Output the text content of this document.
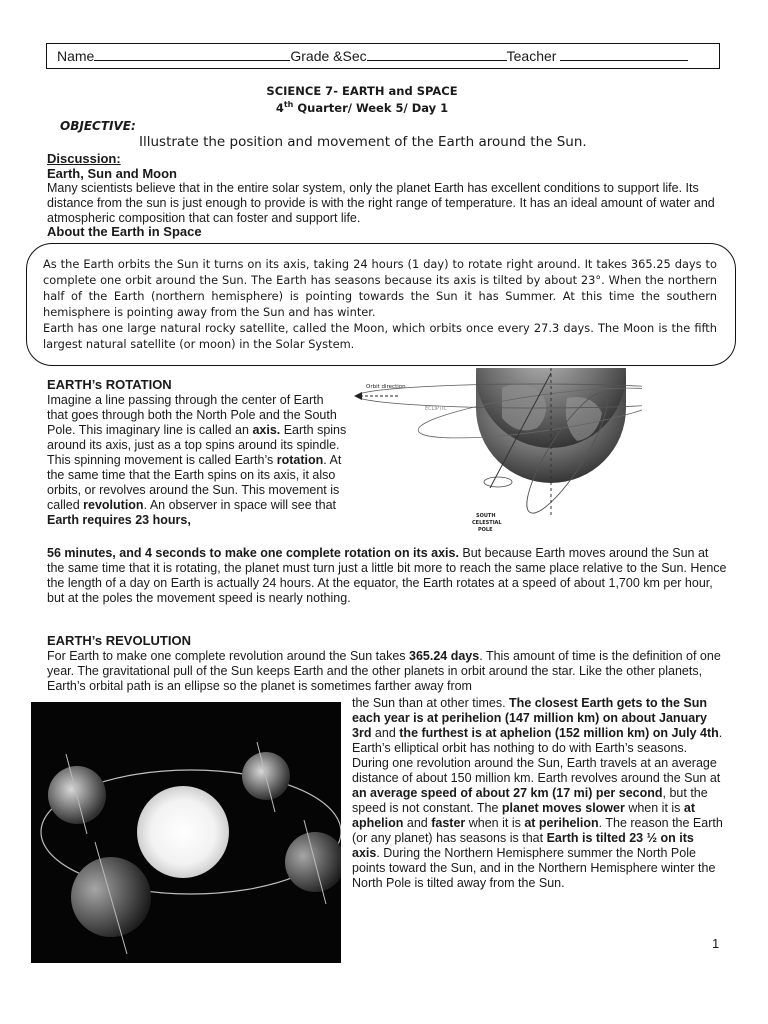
Name	Grade &Sec	Teacher
SCIENCE 7- EARTH and SPACE
4th Quarter/ Week 5/ Day 1
OBJECTIVE:
Illustrate the position and movement of the Earth around the Sun.
Discussion:
Earth, Sun and Moon
Many scientists believe that in the entire solar system, only the planet Earth has excellent conditions to support life. Its distance from the sun is just enough to provide is with the right range of temperature. It has an ideal amount of water and atmospheric composition that can foster and support life.
About the Earth in Space

As the Earth orbits the Sun it turns on its axis, taking 24 hours (1 day) to rotate right around. It takes 365.25 days to complete one orbit around the Sun. The Earth has seasons because its axis is tilted by about 23°. When the northern half of the Earth (northern hemisphere) is pointing towards the Sun it has Summer. At this time the southern hemisphere is pointing away from the Sun and has winter.

Earth has one large natural rocky satellite, called the Moon, which orbits once every 27.3 days. The Moon is the fifth largest natural satellite (or moon) in the Solar System.

EARTH’s ROTATION
Imagine a line passing through the center of Earth that goes through both the North Pole and the South Pole. This imaginary line is called an axis. Earth spins around its axis, just as a top spins around its spindle. This spinning movement is called Earth’s rotation. At the same time that the Earth spins on its axis, it also orbits, or revolves around the Sun. This movement is called revolution. An observer in space will see that Earth requires 23 hours,
56 minutes, and 4 seconds to make one complete rotation on its axis. But because Earth moves around the Sun at the same time that it is rotating, the planet must turn just a little bit more to reach the same place relative to the Sun. Hence the length of a day on Earth is actually 24 hours. At the equator, the Earth rotates at a speed of about 1,700 km per hour, but at the poles the movement speed is nearly nothing.
Orbit direction
ECLIPTIC
SOUTH
CELESTIAL
POLE
EARTH’s REVOLUTION
For Earth to make one complete revolution around the Sun takes 365.24 days. This amount of time is the definition of one year. The gravitational pull of the Sun keeps Earth and the other planets in orbit around the star. Like the other planets, Earth’s orbital path is an ellipse so the planet is sometimes farther away from
the Sun than at other times. The closest Earth gets to the Sun each year is at perihelion (147 million km) on about January 3rd and the furthest is at aphelion (152 million km) on July 4th. Earth’s elliptical orbit has nothing to do with Earth’s seasons. During one revolution around the Sun, Earth travels at an average distance of about 150 million km. Earth revolves around the Sun at an average speed of about 27 km (17 mi) per second, but the speed is not constant. The planet moves slower when it is at aphelion and faster when it is at perihelion. The reason the Earth (or any planet) has seasons is that Earth is tilted 23 ½ on its axis. During the Northern Hemisphere summer the North Pole points toward the Sun, and in the Northern Hemisphere winter the North Pole is tilted away from the Sun.
1
